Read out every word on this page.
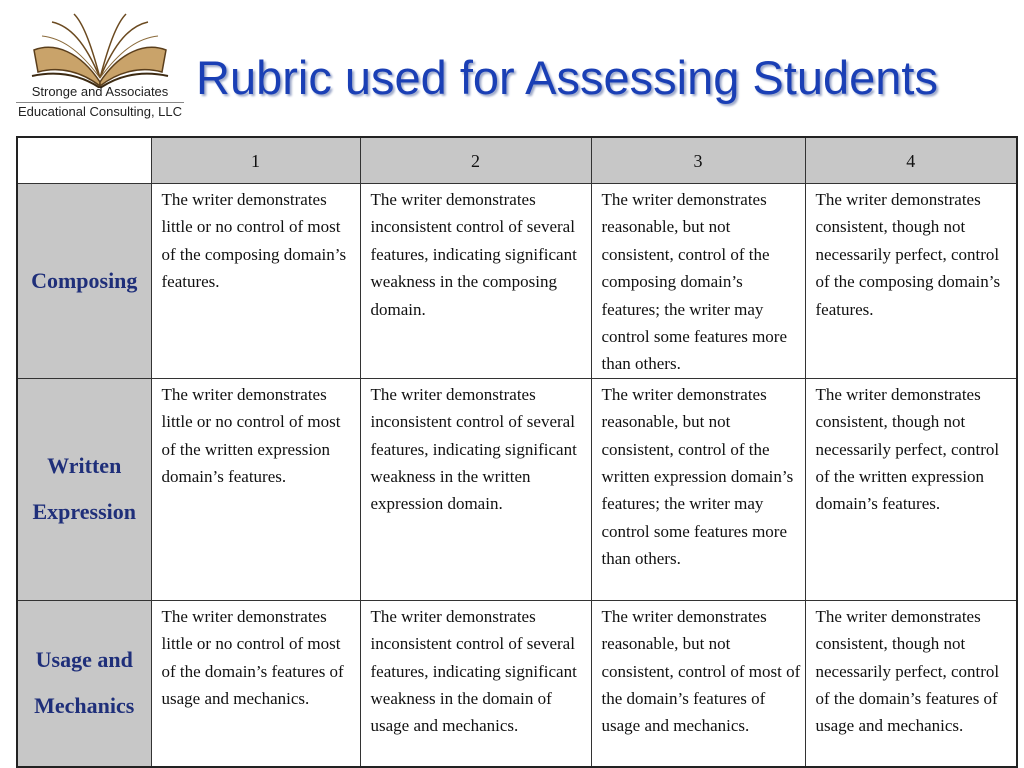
Stronge and Associates
Educational Consulting, LLC
Rubric used for Assessing Students
	1	2	3	4
Composing	The writer demonstrates little or no control of most of the composing domain’s features.	The writer demonstrates inconsistent control of several features, indicating significant weakness in the composing domain.	The writer demonstrates reasonable, but not consistent, control of the composing domain’s features; the writer may control some features more than others.	The writer demonstrates consistent, though not necessarily perfect, control of the composing domain’s features.
Written Expression	The writer demonstrates little or no control of most of the written expression domain’s features.	The writer demonstrates inconsistent control of several features, indicating significant weakness in the written expression domain.	The writer demonstrates reasonable, but not consistent, control of the written expression domain’s features; the writer may control some features more than others.	The writer demonstrates consistent, though not necessarily perfect, control of the written expression domain’s features.
Usage and Mechanics	The writer demonstrates little or no control of most of the domain’s features of usage and mechanics.	The writer demonstrates inconsistent control of several features, indicating significant weakness in the domain of usage and mechanics.	The writer demonstrates reasonable, but not consistent, control of most of the domain’s features of usage and mechanics.	The writer demonstrates consistent, though not necessarily perfect, control of the domain’s features of usage and mechanics.
